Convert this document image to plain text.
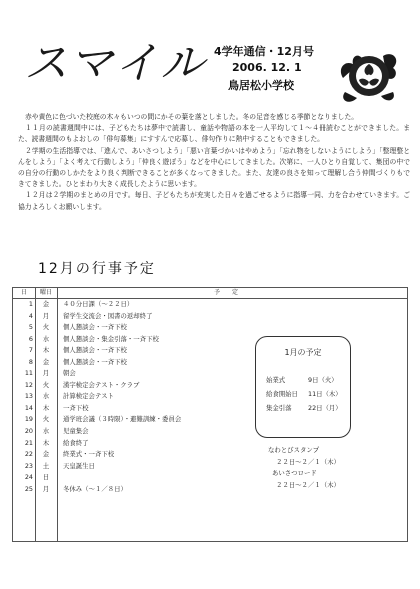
スマイル 4学年通信・12月号
2006. 12. 1
鳥居松小学校

赤や黄色に色づいた校庭の木々もいつの間にかその葉を落としました。冬の足音を感じる季節となりました。

１１月の読書週間中には、子どもたちは夢中で読書し、童話や物語の本を一人平均して１〜４冊読むことができました。また、読書週間のもよおしの「俳句募集」にすすんで応募し、俳句作りに熱中することもできました。

２学期の生活指導では、「進んで、あいさつしよう」「悪い言葉づかいはやめよう」「忘れ物をしないようにしよう」「整理整とんをしよう」「よく考えて行動しよう」「仲良く遊ぼう」などを中心にしてきました。次第に、一人ひとり自覚して、集団の中での自分の行動のしかたをより良く判断できることが多くなってきました。また、友達の良さを知って理解し合う仲間づくりもできてきました。ひとまわり大きく成長したように思います。

１２月は２学期のまとめの月です。毎日、子どもたちが充実した日々を過ごせるように指導一同、力を合わせていきます。ご協力よろしくお願いします。

12月の行事予定
日	曜日	予定
1	金	４０分日課（〜２２日）
4	月	留学生交流会・図書の返却終了
5	火	個人懇談会・一斉下校
6	水	個人懇談会・集金引落・一斉下校
7	木	個人懇談会・一斉下校
8	金	個人懇談会・一斉下校
11	月	朝会
12	火	漢字検定会テスト・クラブ
13	水	計算検定会テスト
14	木	一斉下校
19	火	通学班会議（３時限）・避難訓練・委員会
20	水	児童集会
21	木	給食終了
22	金	終業式・一斉下校
23	土	天皇誕生日
24	日
25	月	冬休み（〜１／８日）
1月の予定
始業式	9日（火）
給食開始日 11日（木）
集金引落	22日（月）
なわとびスタンプ
２２日〜２／１（木）
あいさつロード
２２日〜２／１（木）
